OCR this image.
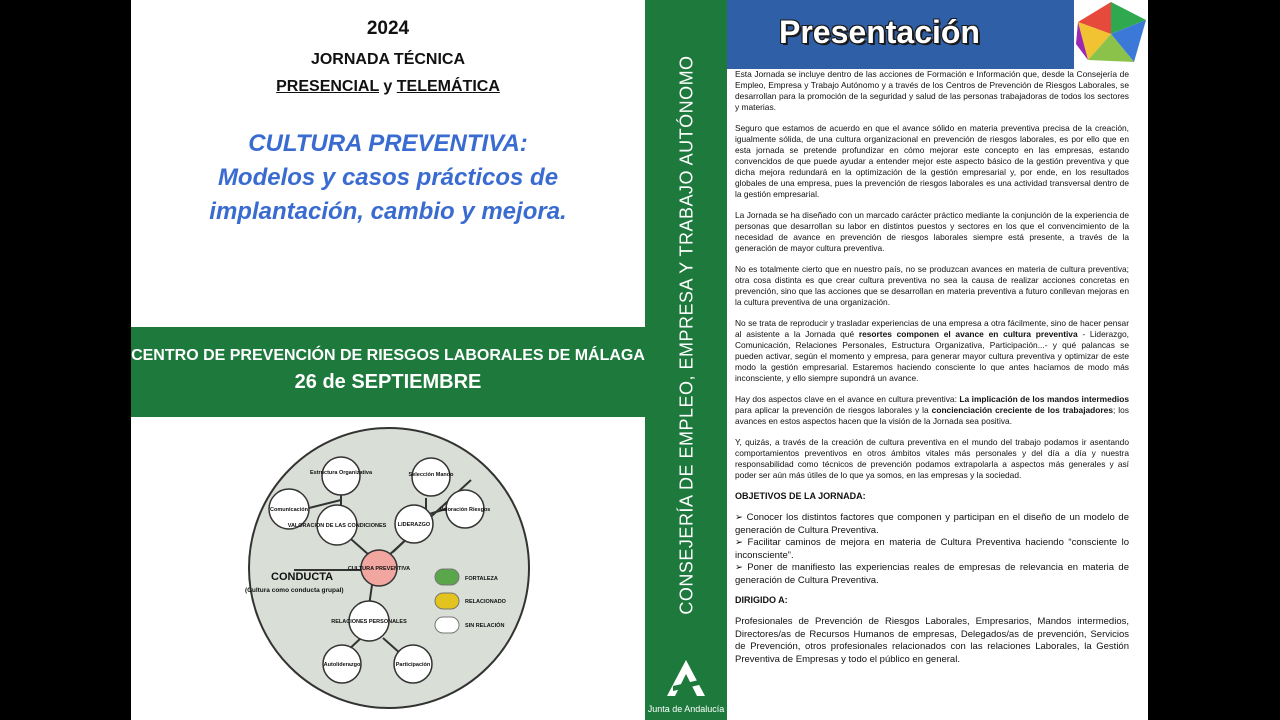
2024
JORNADA TÉCNICA
PRESENCIAL y TELEMÁTICA
CULTURA PREVENTIVA:
Modelos y casos prácticos de
implantación, cambio y mejora.
CENTRO DE PREVENCIÓN DE RIESGOS LABORALES DE MÁLAGA
26 de SEPTIEMBRE
Estructura Organizativa	Selección Mando
Comunicación
VALORACION DE LAS CONDICIONES LIDERAZGO
Valoración Riesgos
RELACIONES PERSONALES
Autoliderazgo	Participación
CULTURA PREVENTIVA
CONDUCTA
(Cultura como conducta grupal)
FORTALEZA
RELACIONADO
SIN RELACIÓN
CONSEJERÍA DE EMPLEO, EMPRESA Y TRABAJO AUTÓNOMO
Junta de Andalucía
Presentación

Esta Jornada se incluye dentro de las acciones de Formación e Información que, desde la Consejería de Empleo, Empresa y Trabajo Autónomo y a través de los Centros de Prevención de Riesgos Laborales, se desarrollan para la promoción de la seguridad y salud de las personas trabajadoras de todos los sectores y materias.

Seguro que estamos de acuerdo en que el avance sólido en materia preventiva precisa de la creación, igualmente sólida, de una cultura organizacional en prevención de riesgos laborales, es por ello que en esta jornada se pretende profundizar en cómo mejorar este concepto en las empresas, estando convencidos de que puede ayudar a entender mejor este aspecto básico de la gestión preventiva y que dicha mejora redundará en la optimización de la gestión empresarial y, por ende, en los resultados globales de una empresa, pues la prevención de riesgos laborales es una actividad transversal dentro de la gestión empresarial.

La Jornada se ha diseñado con un marcado carácter práctico mediante la conjunción de la experiencia de personas que desarrollan su labor en distintos puestos y sectores en los que el convencimiento de la necesidad de avance en prevención de riesgos laborales siempre está presente, a través de la generación de mayor cultura preventiva.

No es totalmente cierto que en nuestro país, no se produzcan avances en materia de cultura preventiva; otra cosa distinta es que crear cultura preventiva no sea la causa de realizar acciones concretas en prevención, sino que las acciones que se desarrollan en materia preventiva a futuro conllevan mejoras en la cultura preventiva de una organización.

No se trata de reproducir y trasladar experiencias de una empresa a otra fácilmente, sino de hacer pensar al asistente a la Jornada qué resortes componen el avance en cultura preventiva - Liderazgo, Comunicación, Relaciones Personales, Estructura Organizativa, Participación...- y qué palancas se pueden activar, según el momento y empresa, para generar mayor cultura preventiva y optimizar de este modo la gestión empresarial. Estaremos haciendo consciente lo que antes hacíamos de modo más inconsciente, y ello siempre supondrá un avance.

Hay dos aspectos clave en el avance en cultura preventiva: La implicación de los mandos intermedios para aplicar la prevención de riesgos laborales y la concienciación creciente de los trabajadores; los avances en estos aspectos hacen que la visión de la Jornada sea positiva.

Y, quizás, a través de la creación de cultura preventiva en el mundo del trabajo podamos ir asentando comportamientos preventivos en otros ámbitos vitales más personales y del día a día y nuestra responsabilidad como técnicos de prevención podamos extrapolarla a aspectos más generales y así poder ser aún más útiles de lo que ya somos, en las empresas y la sociedad.

OBJETIVOS DE LA JORNADA:

➢ Conocer los distintos factores que componen y participan en el diseño de un modelo de generación de Cultura Preventiva.

➢ Facilitar caminos de mejora en materia de Cultura Preventiva haciendo “consciente lo inconsciente”.

➢ Poner de manifiesto las experiencias reales de empresas de relevancia en materia de generación de Cultura Preventiva.

DIRIGIDO A:

Profesionales de Prevención de Riesgos Laborales, Empresarios, Mandos intermedios, Directores/as de Recursos Humanos de empresas, Delegados/as de prevención, Servicios de Prevención, otros profesionales relacionados con las relaciones Laborales, la Gestión Preventiva de Empresas y todo el público en general.
